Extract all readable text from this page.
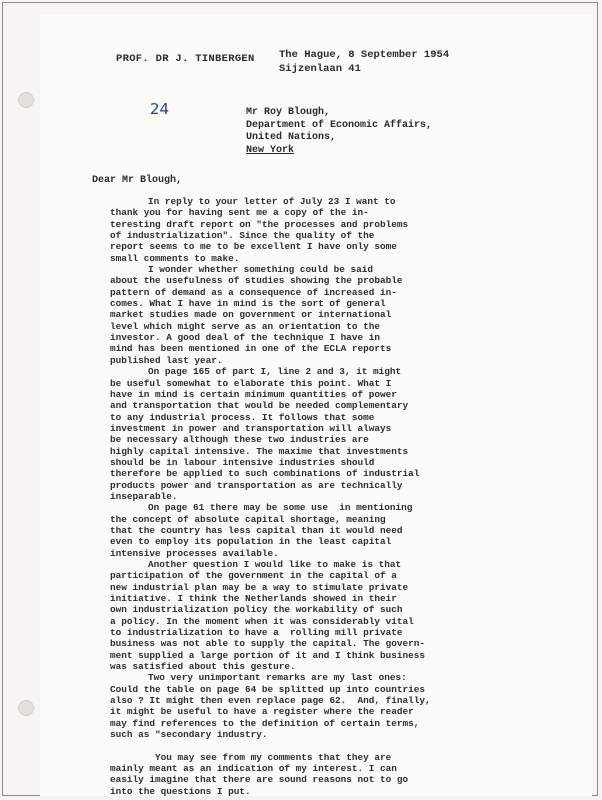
PROF. DR J. TINBERGEN The Hague, 8 September 1954
Sijzenlaan 41
24	Mr Roy Blough,
Department of Economic Affairs,
United Nations,
New York
Dear Mr Blough,

In reply to your letter of July 23 I want to
thank you for having sent me a copy of the in-
teresting draft report on "the processes and problems
of industrialization". Since the quality of the
report seems to me to be excellent I have only some
small comments to make.

I wonder whether something could be said
about the usefulness of studies showing the probable
pattern of demand as a consequence of increased in-
comes. What I have in mind is the sort of general
market studies made on government or international
level which might serve as an orientation to the
investor. A good deal of the technique I have in
mind has been mentioned in one of the ECLA reports
published last year.

On page 165 of part I, line 2 and 3, it might
be useful somewhat to elaborate this point. What I
have in mind is certain minimum quantities of power
and transportation that would be needed complementary
to any industrial process. It follows that some
investment in power and transportation will always
be necessary although these two industries are
highly capital intensive. The maxime that investments
should be in labour intensive industries should
therefore be applied to such combinations of industrial
products power and transportation as are technically
inseparable.

On page 61 there may be some use  in mentioning
the concept of absolute capital shortage, meaning
that the country has less capital than it would need
even to employ its population in the least capital
intensive processes available.

Another question I would like to make is that
participation of the government in the capital of a
new industrial plan may be a way to stimulate private
initiative. I think the Netherlands showed in their
own industrialization policy the workability of such
a policy. In the moment when it was considerably vital
to industrialization to have a  rolling mill private
business was not able to supply the capital. The govern-
ment supplied a large portion of it and I think business
was satisfied about this gesture.

Two very unimportant remarks are my last ones:
Could the table on page 64 be splitted up into countries
also ? It might then even replace page 62.  And, finally,
it might be useful to have a register where the reader
may find references to the definition of certain terms,
such as "secondary industry.

You may see from my comments that they are
mainly meant as an indication of my interest. I can
easily imagine that there are sound reasons not to go
into the questions I put.
